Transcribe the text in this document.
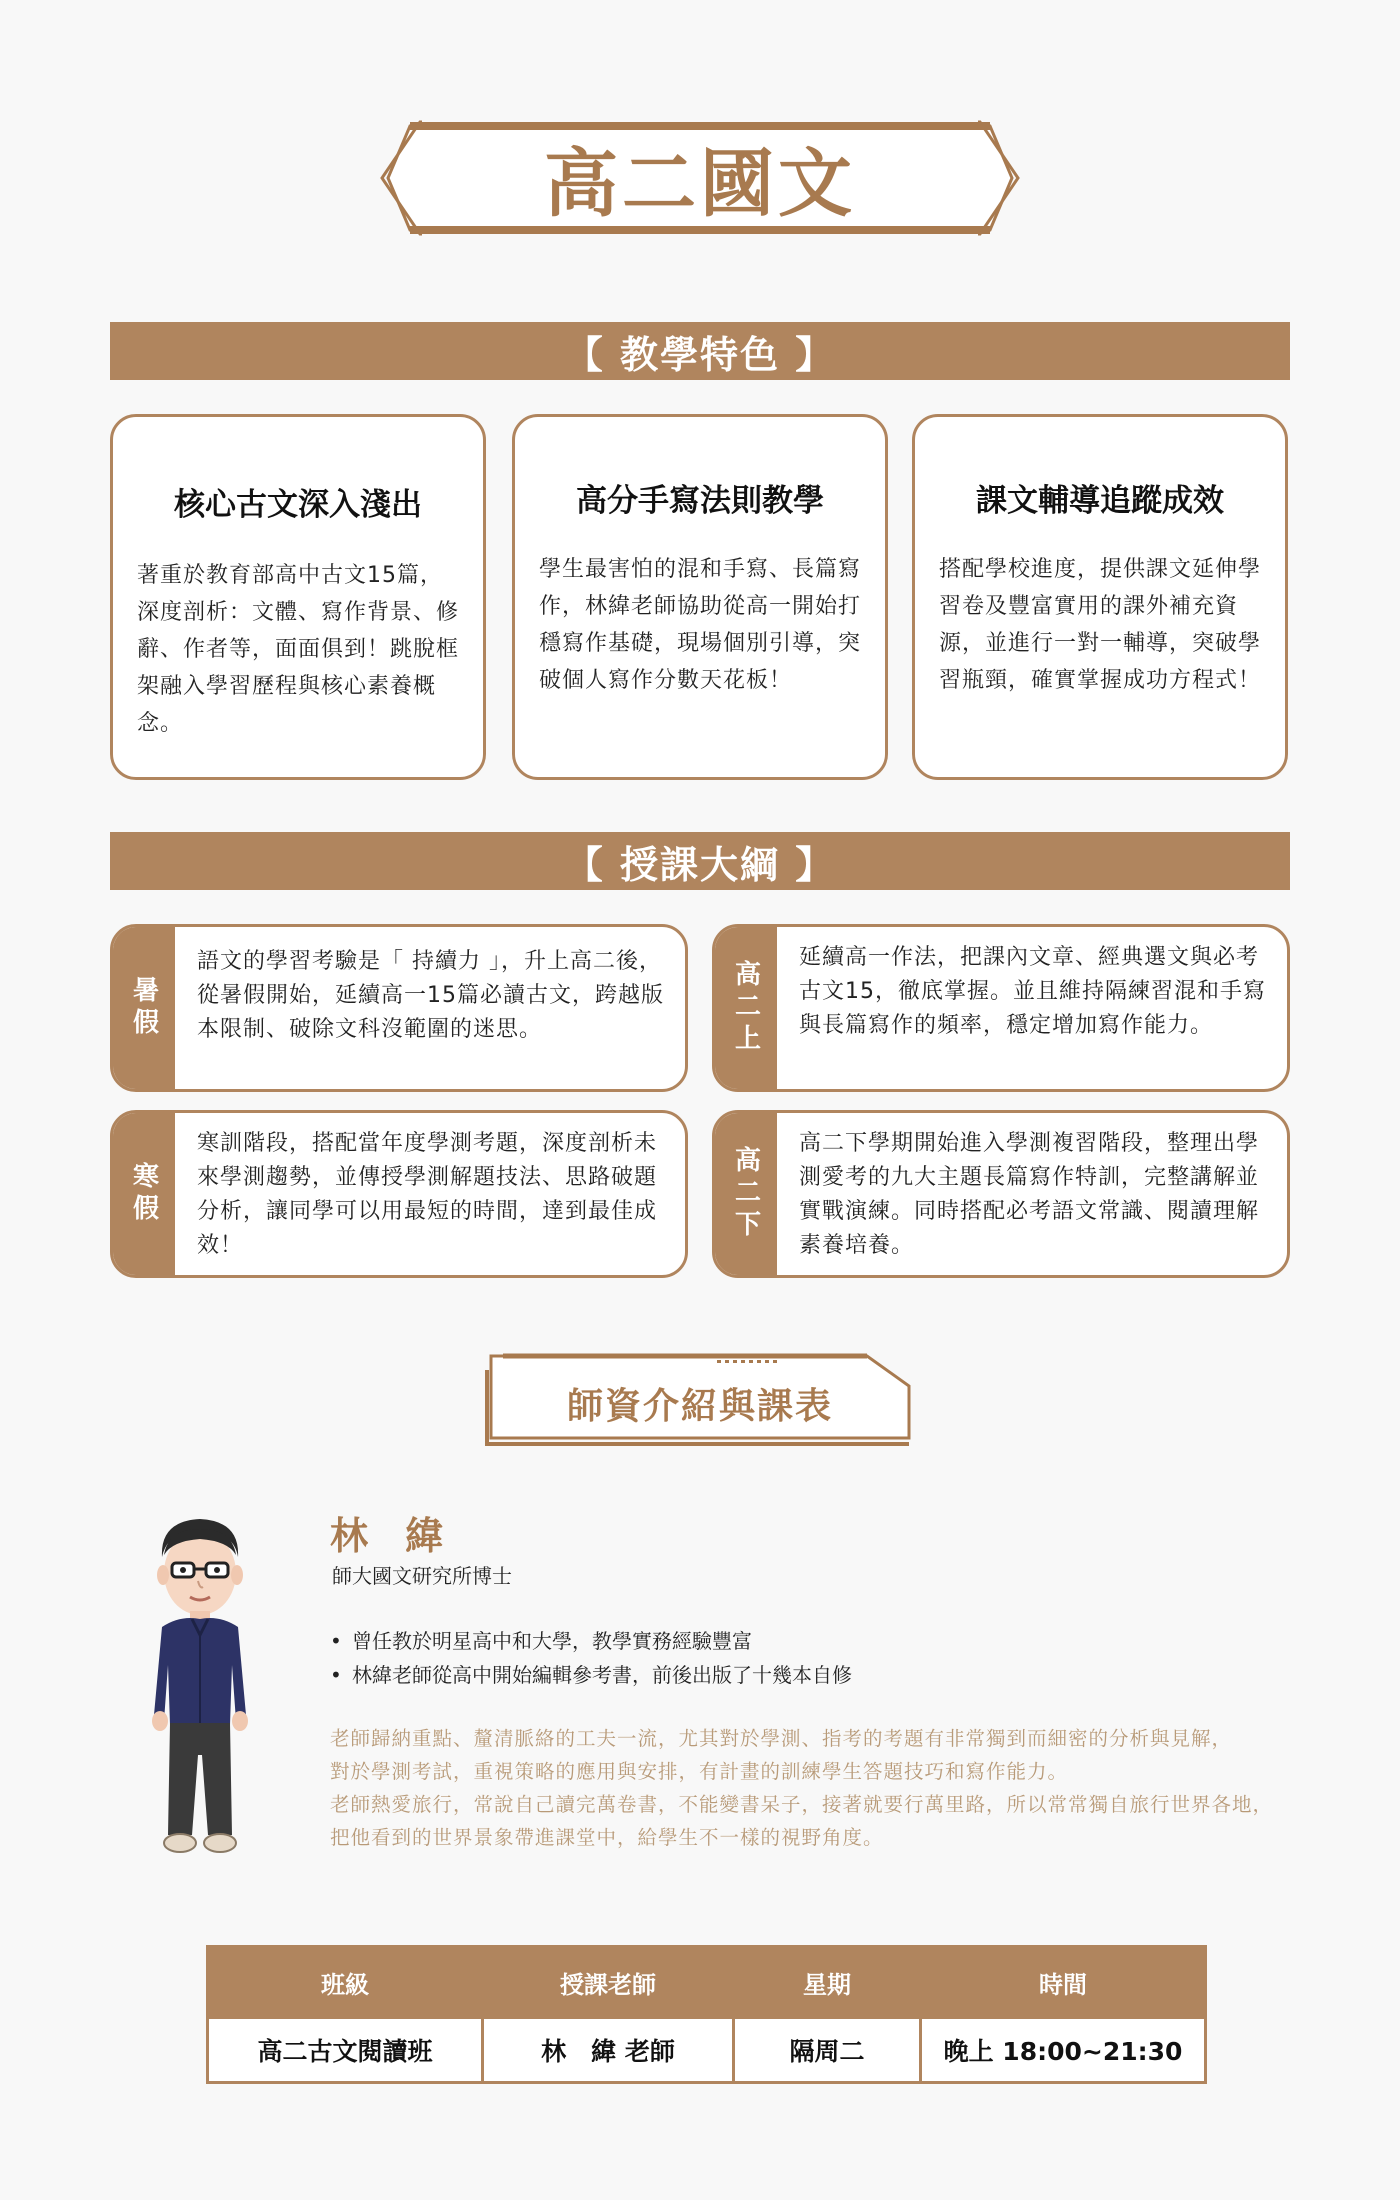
高二國文
【 教學特色 】
核心古文深入淺出
著重於教育部高中古文15篇，深度剖析：文體、寫作背景、修辭、作者等，面面俱到！跳脫框架融入學習歷程與核心素養概念。
高分手寫法則教學
學生最害怕的混和手寫、長篇寫作，林緯老師協助從高一開始打穩寫作基礎，現場個別引導，突破個人寫作分數天花板！
課文輔導追蹤成效
搭配學校進度，提供課文延伸學習卷及豐富實用的課外補充資源，並進行一對一輔導，突破學習瓶頸，確實掌握成功方程式！
【 授課大綱 】
暑假
語文的學習考驗是「 持續力 」，升上高二後，從暑假開始，延續高一15篇必讀古文，跨越版本限制、破除文科沒範圍的迷思。	高二上
延續高一作法，把課內文章、經典選文與必考古文15，徹底掌握。並且維持隔練習混和手寫與長篇寫作的頻率，穩定增加寫作能力。
寒假
寒訓階段，搭配當年度學測考題，深度剖析未來學測趨勢，並傳授學測解題技法、思路破題分析，讓同學可以用最短的時間，達到最佳成效！
高二下
高二下學期開始進入學測複習階段，整理出學測愛考的九大主題長篇寫作特訓，完整講解並實戰演練。同時搭配必考語文常識、閱讀理解素養培養。
師資介紹與課表
林 緯
師大國文研究所博士
• 曾任教於明星高中和大學，教學實務經驗豐富
• 林緯老師從高中開始編輯參考書，前後出版了十幾本自修
老師歸納重點、釐清脈絡的工夫一流，尤其對於學測、指考的考題有非常獨到而細密的分析與見解，
對於學測考試，重視策略的應用與安排，有計畫的訓練學生答題技巧和寫作能力。
老師熱愛旅行，常說自己讀完萬卷書，不能變書呆子，接著就要行萬里路，所以常常獨自旅行世界各地，
把他看到的世界景象帶進課堂中，給學生不一樣的視野角度。
班級	授課老師	星期	時間
高二古文閱讀班	林　緯 老師	隔周二	晚上 18:00~21:30
